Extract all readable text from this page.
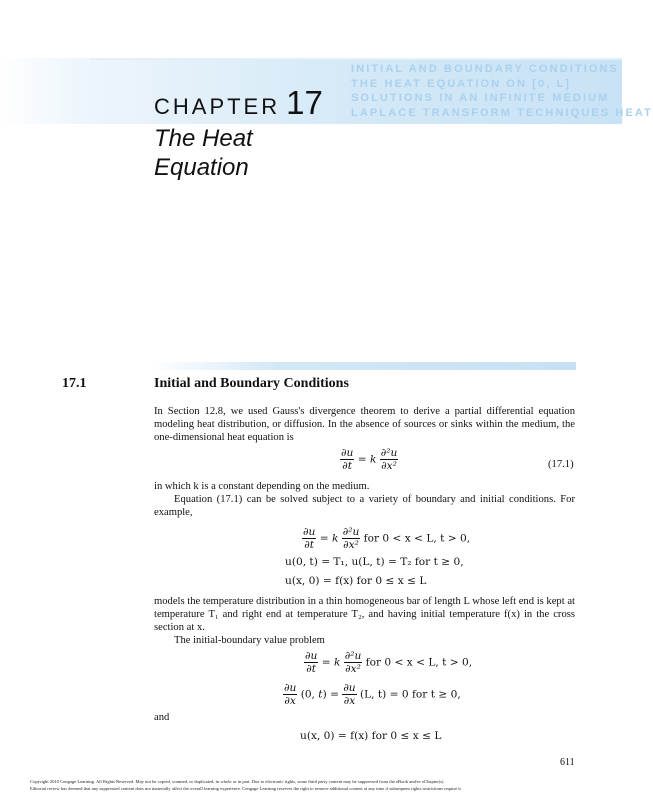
INITIAL AND BOUNDARY CONDITIONS
THE HEAT EQUATION ON [0, L]
SOLUTIONS IN AN INFINITE MEDIUM
LAPLACE TRANSFORM TECHNIQUES HEAT
CHAPTER 17
The Heat
Equation
17.1	Initial and Boundary Conditions
In Section 12.8, we used Gauss's divergence theorem to derive a partial differential equation modeling heat distribution, or diffusion. In the absence of sources or sinks within the medium, the one-dimensional heat equation is
$\frac{\partial u}{\partial t} = k \frac{\text{∂²u}}{\text{∂x²}}$	(17.1)
in which k is a constant depending on the medium.
Equation (17.1) can be solved subject to a variety of boundary and initial conditions. For example,
$\frac{\partial u}{\partial t} = k \frac{\text{∂²u}}{\text{∂x²}}$ for 0 < x < L, t > 0,
u(0, t) = T₁, u(L, t) = T₂ for t ≥ 0,
u(x, 0) = f(x) for 0 ≤ x ≤ L
models the temperature distribution in a thin homogeneous bar of length L whose left end is kept at temperature T₁ and right end at temperature T₂, and having initial temperature f(x) in the cross section at x.
The initial-boundary value problem
$\frac{\partial u}{\partial t} = k \frac{\text{∂²u}}{\text{∂x²}}$ for 0 < x < L, t > 0,
$\frac{\partial u}{\partial x} (0$, $t) = \frac{\partial u}{\partial x} (L$, t) = 0 for t ≥ 0,
and
u(x, 0) = f(x) for 0 ≤ x ≤ L
611
Copyright 2010 Cengage Learning. All Rights Reserved. May not be copied, scanned, or duplicated, in whole or in part. Due to electronic rights, some third party content may be suppressed from the eBook and/or eChapter(s).
Editorial review has deemed that any suppressed content does not materially affect the overall learning experience. Cengage Learning reserves the right to remove additional content at any time if subsequent rights restrictions require it.
